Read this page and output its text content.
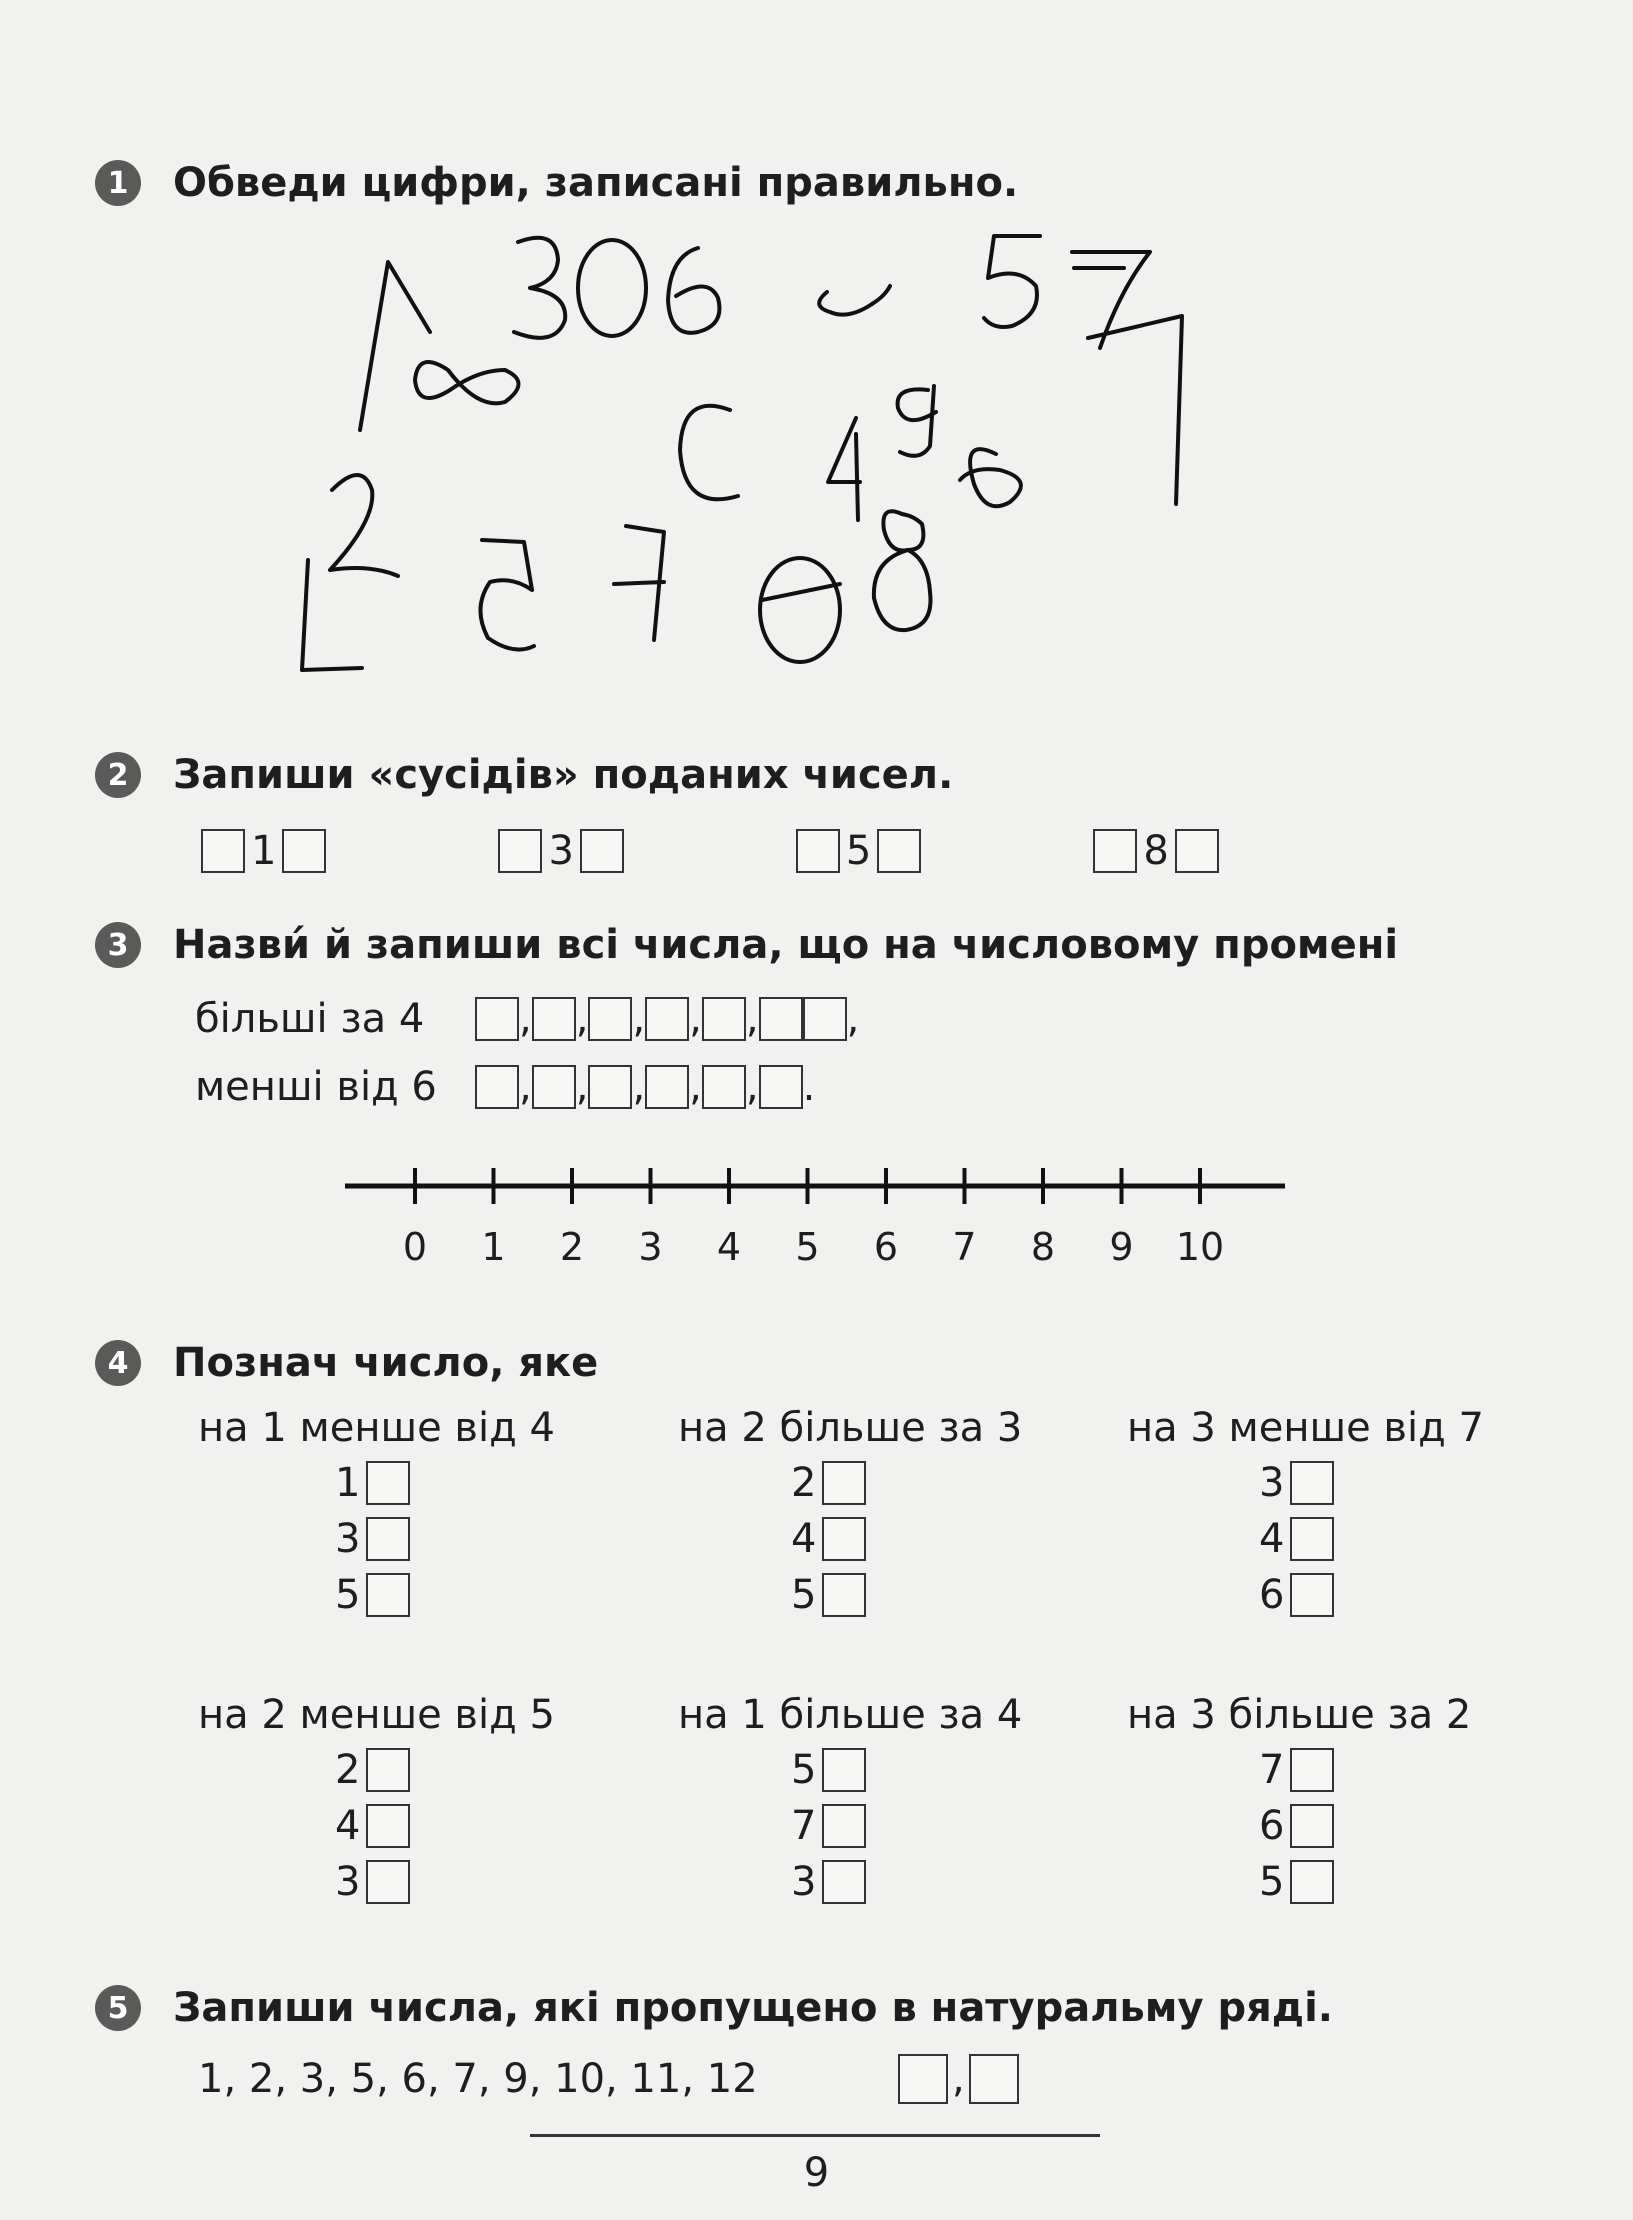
1	Обведи цифри, записані правильно.
2	Запиши «сусідів» поданих чисел.
1	3	5	8
3	Назви́ й запиши всі числа, що на числовому промені
більші за 4	, , , , , ,
менші від 6	, , , , , .
0 1 2 3 4 5 6 7 8 9 10
4	Познач число, яке
на 1 менше від 4
1
3
5
на 2 більше за 3
2
4
5
на 3 менше від 7
3
4
6
на 2 менше від 5
2
4
3
на 1 більше за 4
5
7
3
на 3 більше за 2
7
6
5
5	Запиши числа, які пропущено в натуральму ряді.
1, 2, 3, 5, 6, 7, 9, 10, 11, 12	,
9
